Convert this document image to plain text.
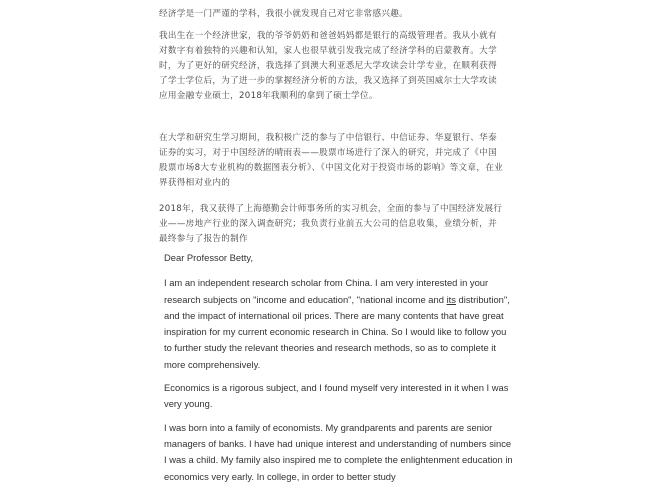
经济学是一门严谨的学科，我很小就发现自己对它非常感兴趣。

我出生在一个经济世家，我的爷爷奶奶和爸爸妈妈都是银行的高级管理者。我从小就有对数字有着独特的兴趣和认知，家人也很早就引发我完成了经济学科的启蒙教育。大学时，为了更好的研究经济，我选择了到澳大利亚悉尼大学攻读会计学专业，在顺利获得了学士学位后，为了进一步的掌握经济分析的方法，我又选择了到英国威尔士大学攻读应用金融专业硕士，2018年我顺利的拿到了硕士学位。

在大学和研究生学习期间，我积极广泛的参与了中信银行、中信证券、华夏银行、华泰证券的实习，对于中国经济的晴雨表——股票市场进行了深入的研究，并完成了《中国股票市场8大专业机构的数据图表分析》、《中国文化对于投资市场的影响》等文章，在业界获得相对业内的

2018年，我又获得了上海德勤会计师事务所的实习机会，全面的参与了中国经济发展行业——房地产行业的深入调查研究；我负责行业前五大公司的信息收集，业绩分析，并最终参与了报告的制作

Dear Professor Betty,

I am an independent research scholar from China. I am very interested in your research subjects on "income and education", "national income and its distribution", and the impact of international oil prices. There are many contents that have great inspiration for my current economic research in China. So I would like to follow you to further study the relevant theories and research methods, so as to complete it more comprehensively.

Economics is a rigorous subject, and I found myself very interested in it when I was very young.

I was born into a family of economists. My grandparents and parents are senior managers of banks. I have had unique interest and understanding of numbers since I was a child. My family also inspired me to complete the enlightenment education in economics very early. In college, in order to better study
